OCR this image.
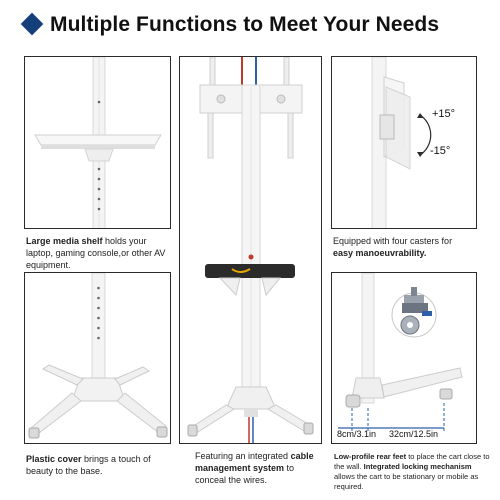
Multiple Functions to Meet Your Needs
Large media shelf holds your laptop, gaming console,or other AV equipment.
Plastic cover brings a touch of beauty to the base.
Featuring an integrated cable management system to conceal the wires.
+15°
-15°
Equipped with four casters for
easy manoeuvrability.
8cm/3.1in 32cm/12.5in
Low-profile rear feet to place the cart close to the wall. Integrated locking mechanism allows the cart to be stationary or mobile as required.
